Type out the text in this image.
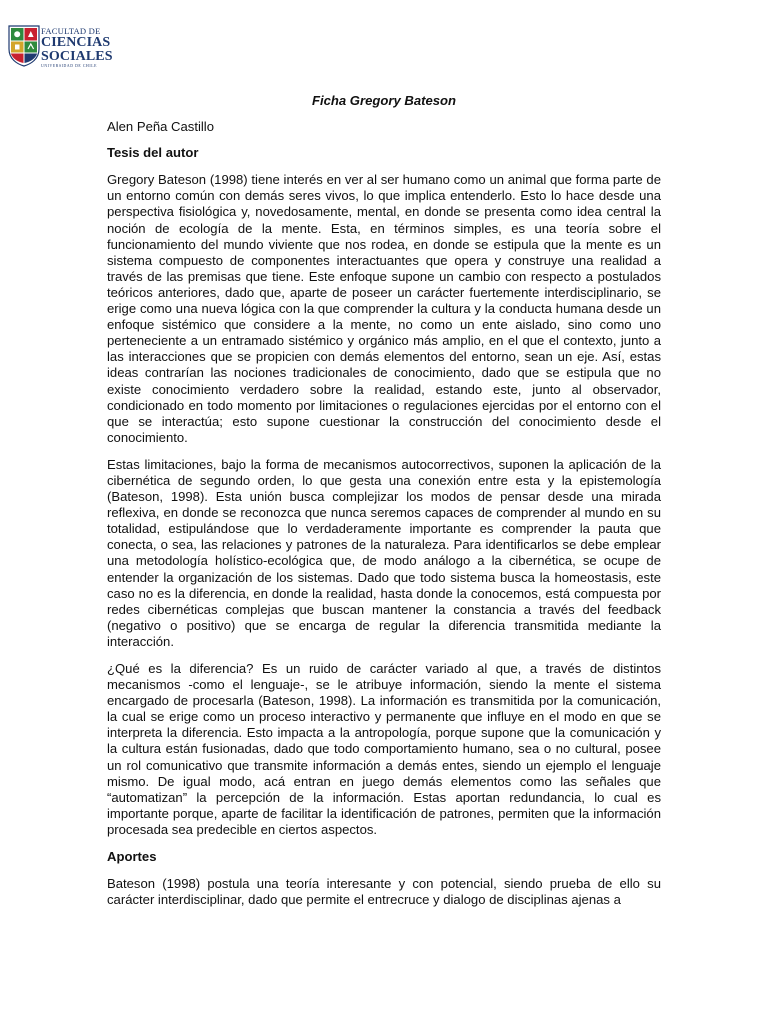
FACULTAD DE
CIENCIAS
SOCIALES
UNIVERSIDAD DE CHILE
Ficha Gregory Bateson
Alen Peña Castillo
Tesis del autor

Gregory Bateson (1998) tiene interés en ver al ser humano como un animal que forma parte de un entorno común con demás seres vivos, lo que implica entenderlo. Esto lo hace desde una perspectiva fisiológica y, novedosamente, mental, en donde se presenta como idea central la noción de ecología de la mente. Esta, en términos simples, es una teoría sobre el funcionamiento del mundo viviente que nos rodea, en donde se estipula que la mente es un sistema compuesto de componentes interactuantes que opera y construye una realidad a través de las premisas que tiene. Este enfoque supone un cambio con respecto a postulados teóricos anteriores, dado que, aparte de poseer un carácter fuertemente interdisciplinario, se erige como una nueva lógica con la que comprender la cultura y la conducta humana desde un enfoque sistémico que considere a la mente, no como un ente aislado, sino como uno perteneciente a un entramado sistémico y orgánico más amplio, en el que el contexto, junto a las interacciones que se propicien con demás elementos del entorno, sean un eje. Así, estas ideas contrarían las nociones tradicionales de conocimiento, dado que se estipula que no existe conocimiento verdadero sobre la realidad, estando este, junto al observador, condicionado en todo momento por limitaciones o regulaciones ejercidas por el entorno con el que se interactúa; esto supone cuestionar la construcción del conocimiento desde el conocimiento.

Estas limitaciones, bajo la forma de mecanismos autocorrectivos, suponen la aplicación de la cibernética de segundo orden, lo que gesta una conexión entre esta y la epistemología (Bateson, 1998). Esta unión busca complejizar los modos de pensar desde una mirada reflexiva, en donde se reconozca que nunca seremos capaces de comprender al mundo en su totalidad, estipulándose que lo verdaderamente importante es comprender la pauta que conecta, o sea, las relaciones y patrones de la naturaleza. Para identificarlos se debe emplear una metodología holístico-ecológica que, de modo análogo a la cibernética, se ocupe de entender la organización de los sistemas. Dado que todo sistema busca la homeostasis, este caso no es la diferencia, en donde la realidad, hasta donde la conocemos, está compuesta por redes cibernéticas complejas que buscan mantener la constancia a través del feedback (negativo o positivo) que se encarga de regular la diferencia transmitida mediante la interacción.

¿Qué es la diferencia? Es un ruido de carácter variado al que, a través de distintos mecanismos -como el lenguaje-, se le atribuye información, siendo la mente el sistema encargado de procesarla (Bateson, 1998). La información es transmitida por la comunicación, la cual se erige como un proceso interactivo y permanente que influye en el modo en que se interpreta la diferencia. Esto impacta a la antropología, porque supone que la comunicación y la cultura están fusionadas, dado que todo comportamiento humano, sea o no cultural, posee un rol comunicativo que transmite información a demás entes, siendo un ejemplo el lenguaje mismo. De igual modo, acá entran en juego demás elementos como las señales que “automatizan” la percepción de la información. Estas aportan redundancia, lo cual es importante porque, aparte de facilitar la identificación de patrones, permiten que la información procesada sea predecible en ciertos aspectos.

Aportes

Bateson (1998) postula una teoría interesante y con potencial, siendo prueba de ello su carácter interdisciplinar, dado que permite el entrecruce y dialogo de disciplinas ajenas a
